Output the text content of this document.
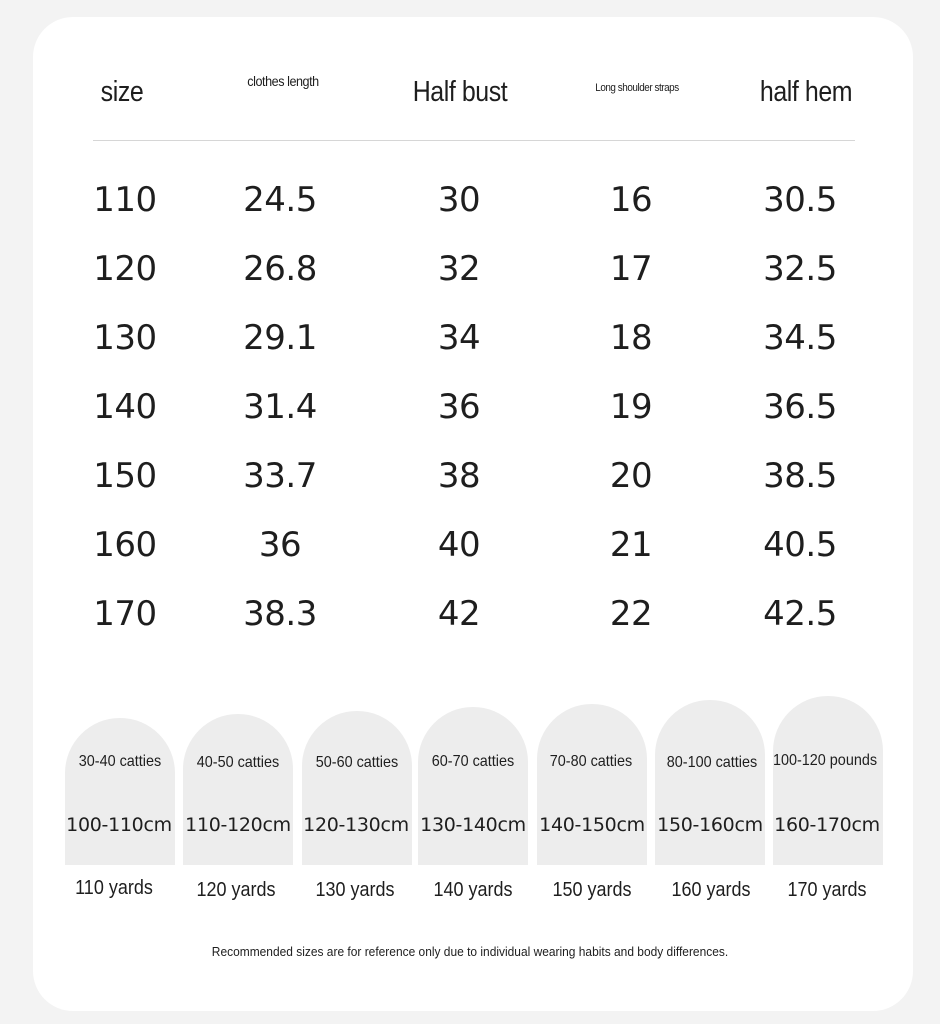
size	clothes length	Half bust	Long shoulder straps	half hem
110	24.5	30	16	30.5
120	26.8	32	17	32.5
130	29.1	34	18	34.5
140	31.4	36	19	36.5
150	33.7	38	20	38.5
160	36	40	21	40.5
170	38.3	42	22	42.5
30-40 catties	40-50 catties	50-60 catties	60-70 catties	70-80 catties	80-100 catties 100-120 pounds
100-110cm 110-120cm 120-130cm 130-140cm 140-150cm 150-160cm 160-170cm
110 yards	120 yards	130 yards	140 yards	150 yards	160 yards	170 yards
Recommended sizes are for reference only due to individual wearing habits and body differences.
